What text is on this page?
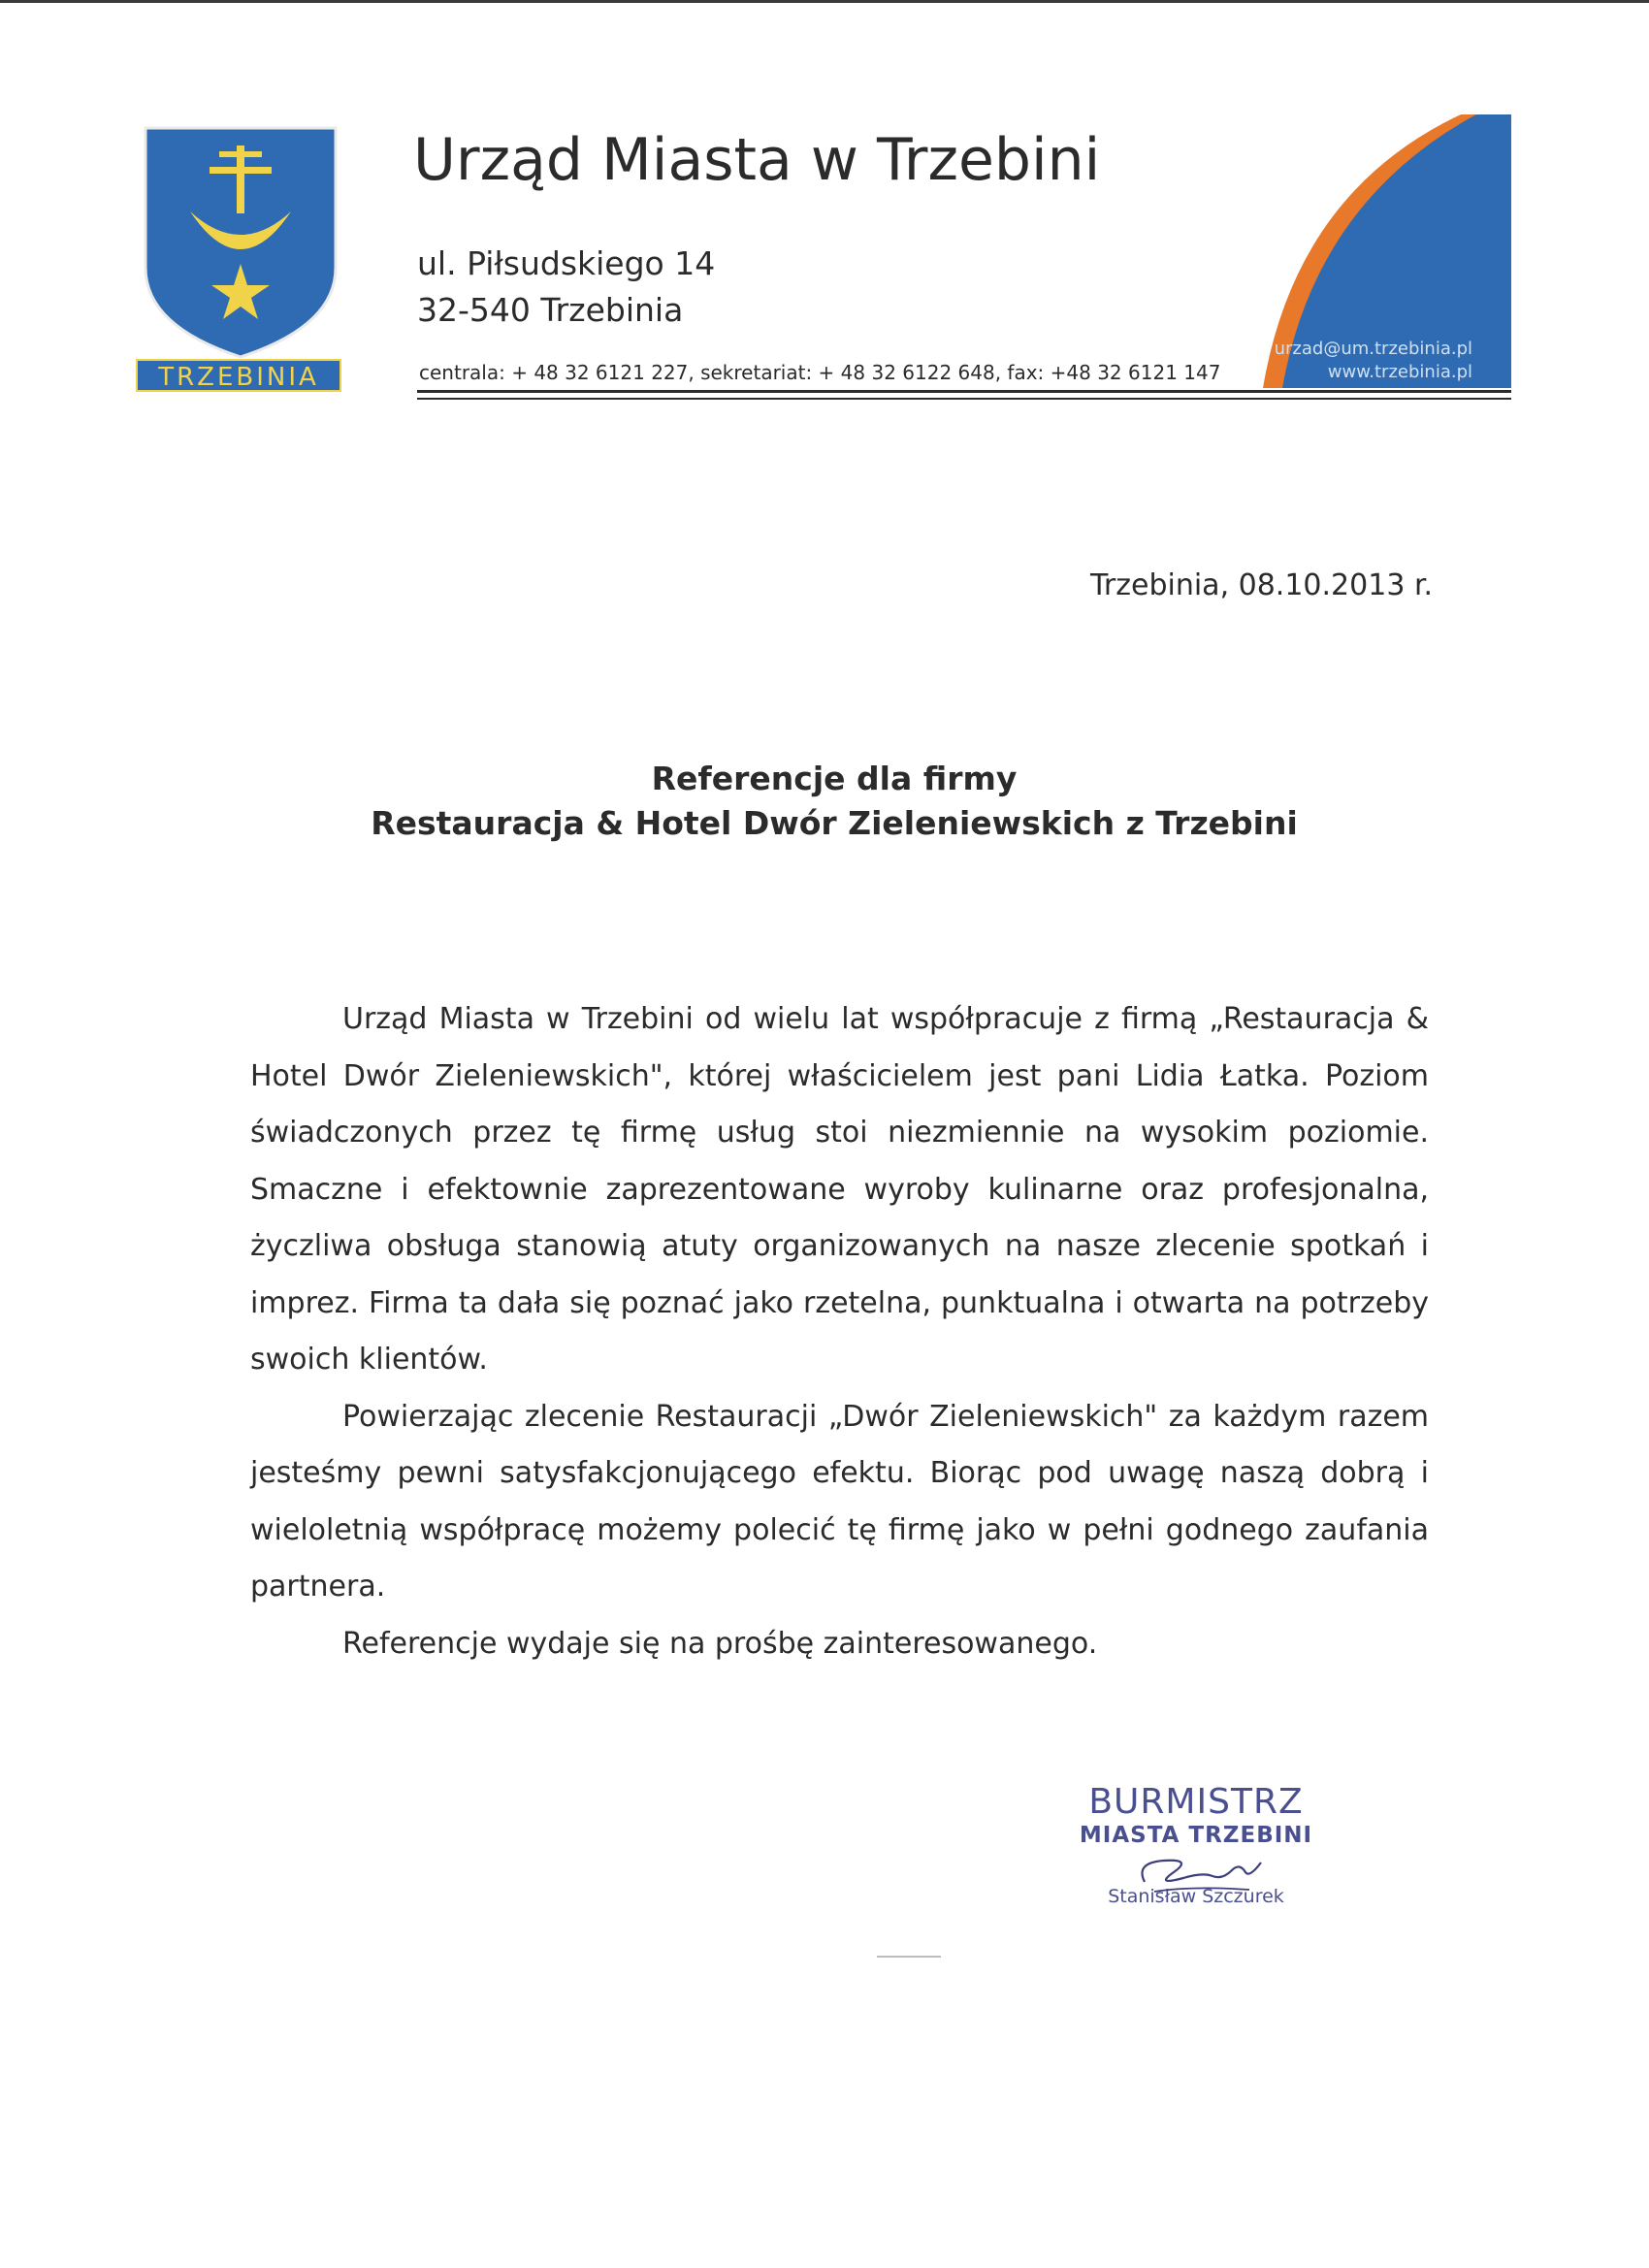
TRZEBINIA
Urząd Miasta w Trzebini
ul. Piłsudskiego 14
32-540 Trzebinia
centrala: + 48 32 6121 227, sekretariat: + 48 32 6122 648, fax: +48 32 6121 147
urzad@um.trzebinia.pl
www.trzebinia.pl
Trzebinia, 08.10.2013 r.
Referencje dla firmy
Restauracja & Hotel Dwór Zieleniewskich z Trzebini

Urząd Miasta w Trzebini od wielu lat współpracuje z firmą „Restauracja & Hotel Dwór Zieleniewskich", której właścicielem jest pani Lidia Łatka. Poziom świadczonych przez tę firmę usług stoi niezmiennie na wysokim poziomie. Smaczne i efektownie zaprezentowane wyroby kulinarne oraz profesjonalna, życzliwa obsługa stanowią atuty organizowanych na nasze zlecenie spotkań i imprez. Firma ta dała się poznać jako rzetelna, punktualna i otwarta na potrzeby swoich klientów.

Powierzając zlecenie Restauracji „Dwór Zieleniewskich" za każdym razem jesteśmy pewni satysfakcjonującego efektu. Biorąc pod uwagę naszą dobrą i wieloletnią współpracę możemy polecić tę firmę jako w pełni godnego zaufania partnera.

Referencje wydaje się na prośbę zainteresowanego.

BURMISTRZ
MIASTA TRZEBINI
Stanisław Szczurek
